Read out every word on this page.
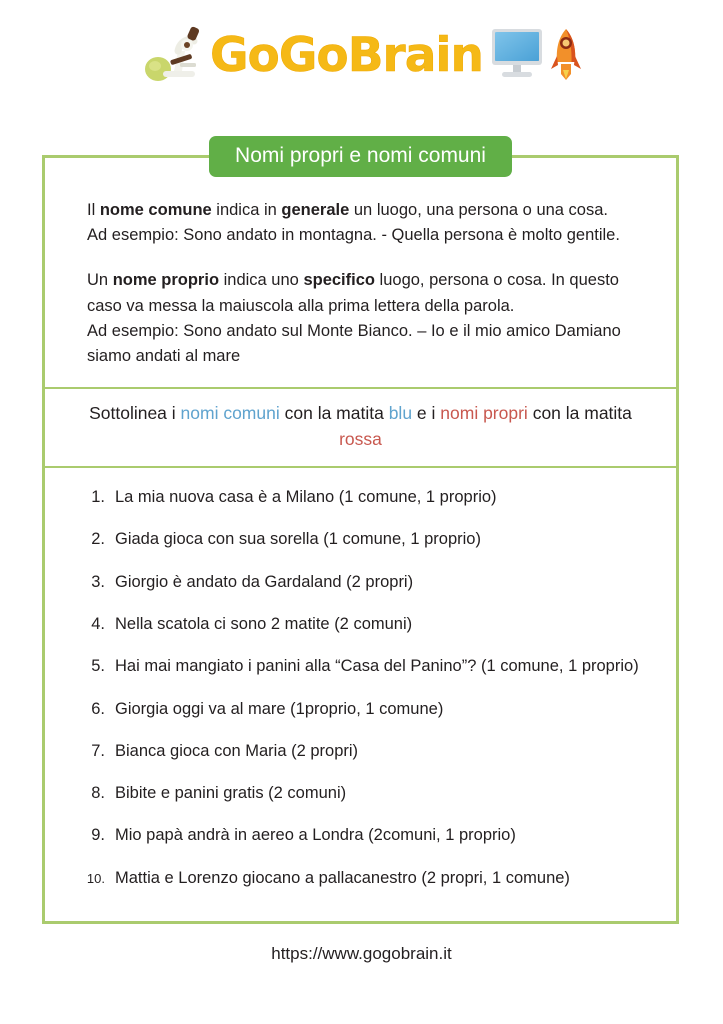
GoGoBrain
Nomi propri e nomi comuni

Il nome comune indica in generale un luogo, una persona o una cosa.
Ad esempio: Sono andato in montagna. - Quella persona è molto gentile.

Un nome proprio indica uno specifico luogo, persona o cosa. In questo caso va messa la maiuscola alla prima lettera della parola.
Ad esempio: Sono andato sul Monte Bianco. – Io e il mio amico Damiano siamo andati al mare

Sottolinea i nomi comuni con la matita blu e i nomi propri con la matita rossa
1. La mia nuova casa è a Milano (1 comune, 1 proprio)
2. Giada gioca con sua sorella (1 comune, 1 proprio)
3. Giorgio è andato da Gardaland (2 propri)
4. Nella scatola ci sono 2 matite (2 comuni)
5. Hai mai mangiato i panini alla “Casa del Panino”? (1 comune, 1 proprio)
6. Giorgia oggi va al mare (1proprio, 1 comune)
7. Bianca gioca con Maria (2 propri)
8. Bibite e panini gratis (2 comuni)
9. Mio papà andrà in aereo a Londra (2comuni, 1 proprio)
10. Mattia e Lorenzo giocano a pallacanestro (2 propri, 1 comune)
https://www.gogobrain.it
